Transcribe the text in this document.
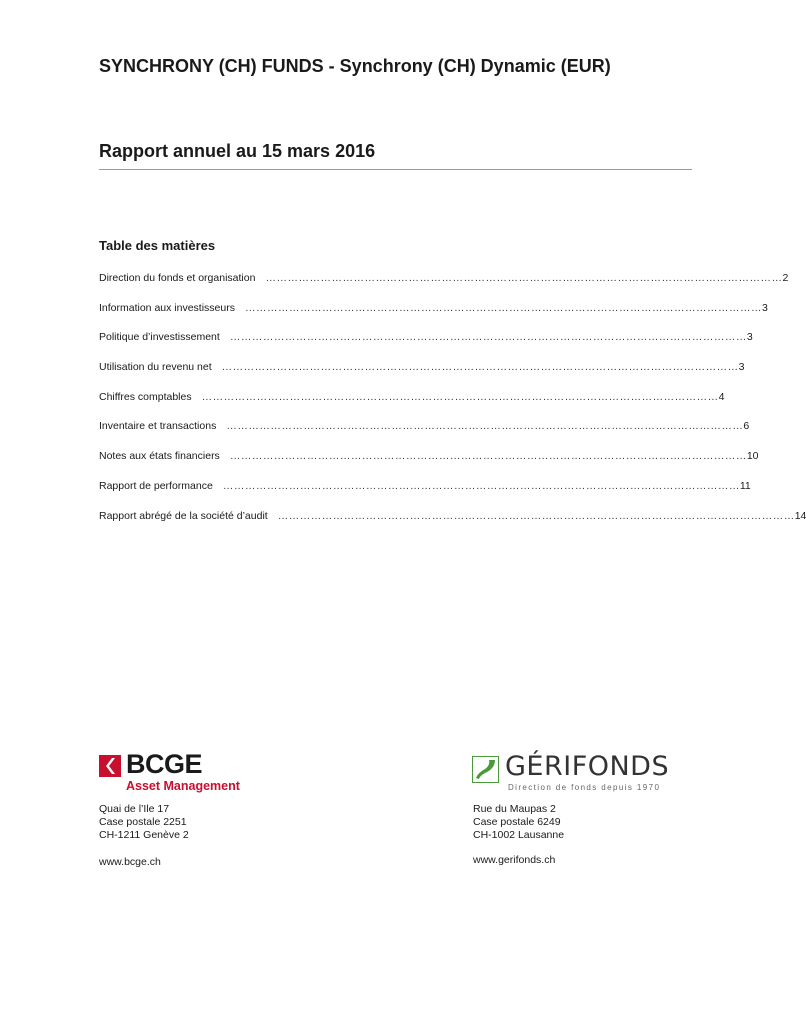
SYNCHRONY (CH) FUNDS - Synchrony (CH) Dynamic (EUR)
Rapport annuel au 15 mars 2016
Table des matières
Direction du fonds et organisation …………………………………………………………………………………………………………………………… 2
Information aux investisseurs …………………………………………………………………………………………………………………………… 3
Politique d’investissement …………………………………………………………………………………………………………………………… 3
Utilisation du revenu net …………………………………………………………………………………………………………………………… 3
Chiffres comptables …………………………………………………………………………………………………………………………… 4
Inventaire et transactions …………………………………………………………………………………………………………………………… 6
Notes aux états financiers …………………………………………………………………………………………………………………………… 10
Rapport de performance …………………………………………………………………………………………………………………………… 11
Rapport abrégé de la société d’audit …………………………………………………………………………………………………………………………… 14
BCGE
Asset Management
Quai de l’Ile 17
Case postale 2251
CH-1211 Genève 2
www.bcge.ch
GÉRIFONDS
Direction de fonds depuis 1970
Rue du Maupas 2
Case postale 6249
CH-1002 Lausanne
www.gerifonds.ch
